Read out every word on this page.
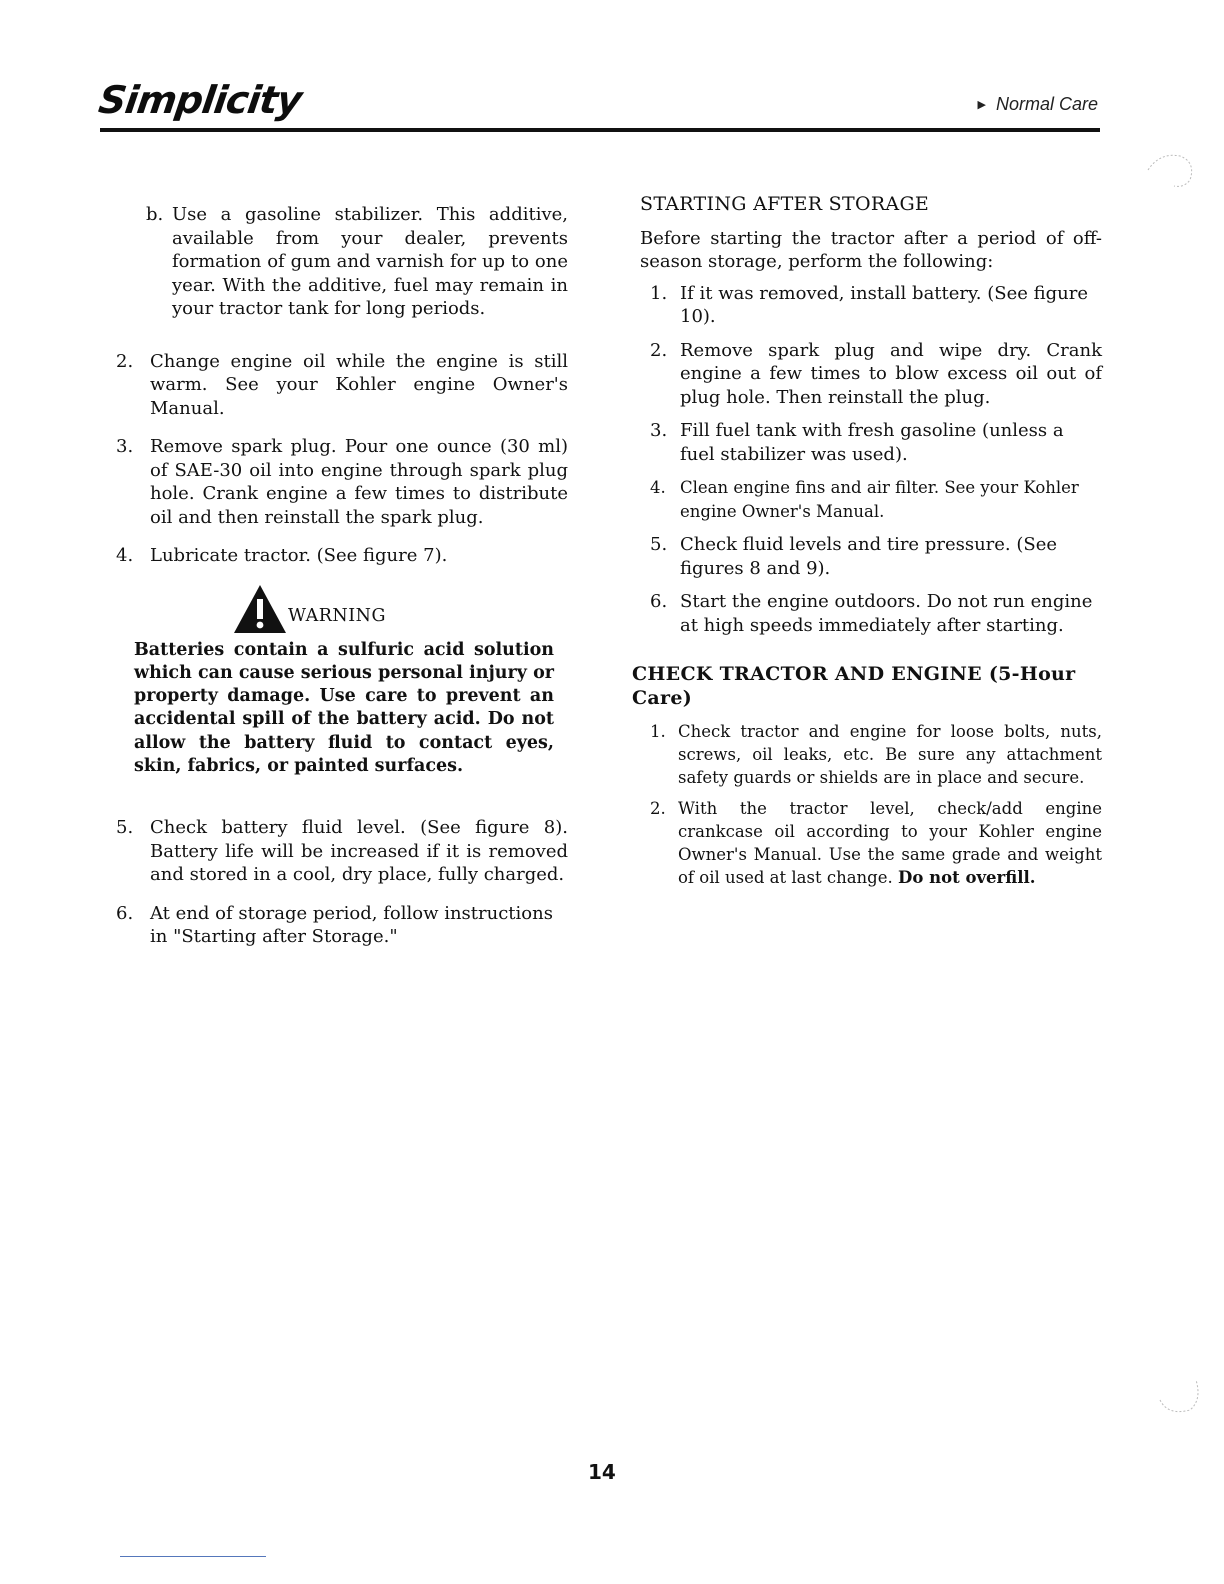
Simplicity	▶ Normal Care
b. Use a gasoline stabilizer. This additive, available from your dealer, prevents formation of gum and varnish for up to one year. With the additive, fuel may remain in your tractor tank for long periods.
2. Change engine oil while the engine is still warm. See your Kohler engine Owner's Manual.
3. Remove spark plug. Pour one ounce (30 ml) of SAE-30 oil into engine through spark plug hole. Crank engine a few times to distribute oil and then reinstall the spark plug.
4. Lubricate tractor. (See figure 7).
WARNING
Batteries contain a sulfuric acid solution which can cause serious personal injury or property damage. Use care to prevent an accidental spill of the battery acid. Do not allow the battery fluid to contact eyes, skin, fabrics, or painted surfaces.
5. Check battery fluid level. (See figure 8). Battery life will be increased if it is removed and stored in a cool, dry place, fully charged.
6. At end of storage period, follow instructions in "Starting after Storage."
STARTING AFTER STORAGE
Before starting the tractor after a period of off-season storage, perform the following:
1. If it was removed, install battery. (See figure 10).
2. Remove spark plug and wipe dry. Crank engine a few times to blow excess oil out of plug hole. Then reinstall the plug.
3. Fill fuel tank with fresh gasoline (unless a fuel stabilizer was used).
4. Clean engine fins and air filter. See your Kohler engine Owner's Manual.
5. Check fluid levels and tire pressure. (See figures 8 and 9).
6. Start the engine outdoors. Do not run engine at high speeds immediately after starting.
CHECK TRACTOR AND ENGINE (5-Hour Care)
1. Check tractor and engine for loose bolts, nuts, screws, oil leaks, etc. Be sure any attachment safety guards or shields are in place and secure.
2. With the tractor level, check/add engine crankcase oil according to your Kohler engine Owner's Manual. Use the same grade and weight of oil used at last change. Do not overfill.
14
